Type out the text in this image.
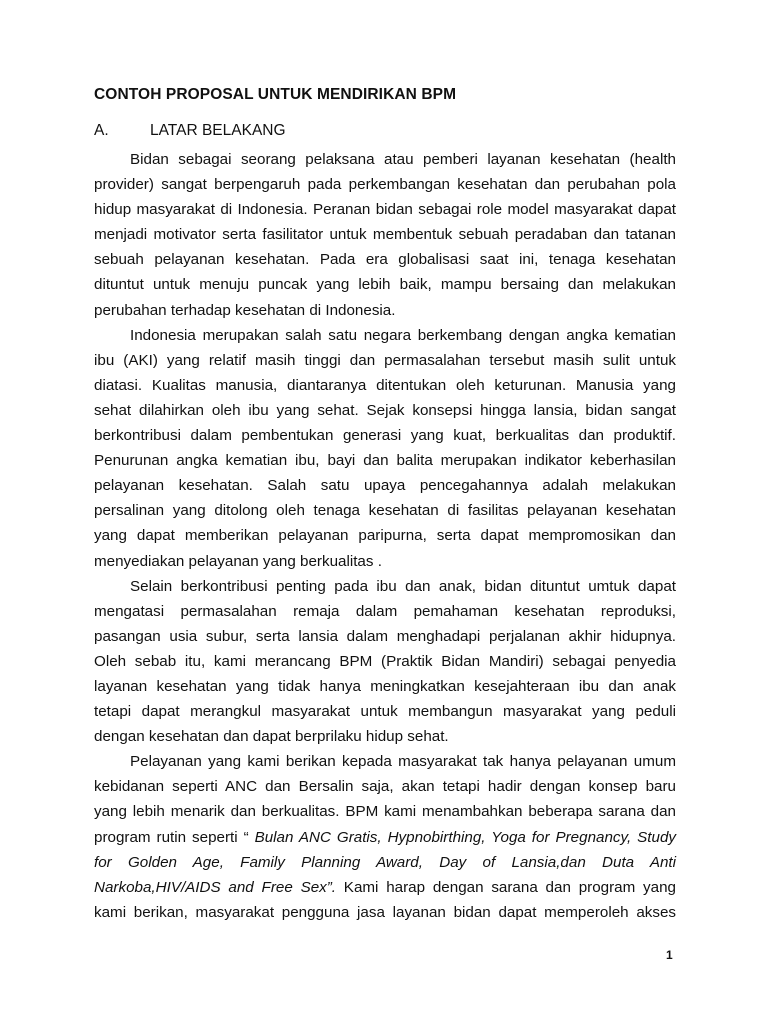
CONTOH PROPOSAL UNTUK MENDIRIKAN BPM
A.	LATAR BELAKANG
Bidan sebagai seorang pelaksana atau pemberi layanan kesehatan (health
provider) sangat berpengaruh pada perkembangan kesehatan dan perubahan pola
hidup masyarakat di Indonesia. Peranan bidan sebagai role model masyarakat dapat
menjadi motivator serta fasilitator untuk membentuk sebuah peradaban dan tatanan
sebuah pelayanan kesehatan. Pada era globalisasi saat ini, tenaga kesehatan
dituntut untuk menuju puncak yang lebih baik, mampu bersaing dan melakukan
perubahan terhadap kesehatan di Indonesia.
Indonesia merupakan salah satu negara berkembang dengan angka kematian
ibu (AKI) yang relatif masih tinggi dan permasalahan tersebut masih sulit untuk
diatasi. Kualitas manusia, diantaranya ditentukan oleh keturunan. Manusia yang
sehat dilahirkan oleh ibu yang sehat. Sejak konsepsi hingga lansia, bidan sangat
berkontribusi dalam pembentukan generasi yang kuat, berkualitas dan produktif.
Penurunan angka kematian ibu, bayi dan balita merupakan indikator keberhasilan
pelayanan kesehatan. Salah satu upaya pencegahannya adalah melakukan
persalinan yang ditolong oleh tenaga kesehatan di fasilitas pelayanan kesehatan
yang dapat memberikan pelayanan paripurna, serta dapat mempromosikan dan
menyediakan pelayanan yang berkualitas .
Selain berkontribusi penting pada ibu dan anak, bidan dituntut umtuk dapat
mengatasi permasalahan remaja dalam pemahaman kesehatan reproduksi,
pasangan usia subur, serta lansia dalam menghadapi perjalanan akhir hidupnya.
Oleh sebab itu, kami merancang BPM (Praktik Bidan Mandiri) sebagai penyedia
layanan kesehatan yang tidak hanya meningkatkan kesejahteraan ibu dan anak
tetapi dapat merangkul masyarakat untuk membangun masyarakat yang peduli
dengan kesehatan dan dapat berprilaku hidup sehat.
Pelayanan yang kami berikan kepada masyarakat tak hanya pelayanan umum
kebidanan seperti ANC dan Bersalin saja, akan tetapi hadir dengan konsep baru
yang lebih menarik dan berkualitas. BPM kami menambahkan beberapa sarana dan
program rutin seperti “ Bulan ANC Gratis, Hypnobirthing, Yoga for Pregnancy, Study
for Golden Age, Family Planning Award, Day of Lansia,dan Duta Anti
Narkoba,HIV/AIDS and Free Sex”. Kami harap dengan sarana dan program yang
kami berikan, masyarakat pengguna jasa layanan bidan dapat memperoleh akses
1
